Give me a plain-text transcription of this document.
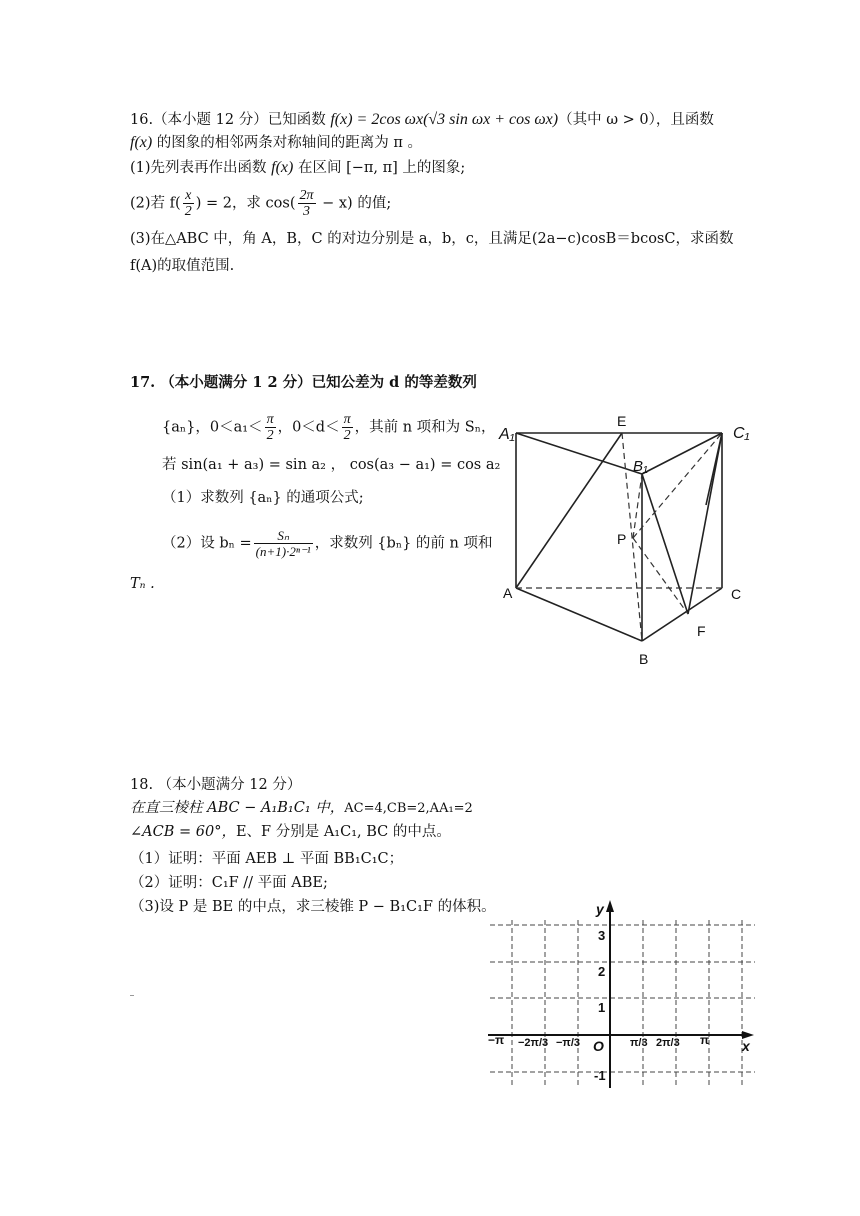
16.（本小题 12 分）已知函数 f(x) = 2cos ωx(√3 sin ωx + cos ωx)（其中 ω > 0），且函数
f(x) 的图象的相邻两条对称轴间的距离为 π 。
(1)先列表再作出函数 f(x) 在区间 [−π, π] 上的图象;
(2)若 $f( \frac{x}{2}$ ) = 2，求 $\cos( \frac{2\pi}{3} - x)$ 的值;
(3)在△ABC 中，角 A，B，C 的对边分别是 a，b，c，且满足(2a−c)cosB＝bcosC，求函数
f(A)的取值范围.
17. （本小题满分 1 2 分）已知公差为 d 的等差数列
{aₙ}，$0<a_1< \frac{\pi}{2}$ ，$0<d< \frac{\pi}{2}$ ，其前 n 项和为 Sₙ，
若 sin(a₁ + a₃) = sin a₂ ， cos(a₃ − a₁) = cos a₂
（1）求数列 {aₙ} 的通项公式;
（2）设 $b_n = \frac{\text{Sₙ}}{\text{(n+1)·2ⁿ⁻¹}}$ ，求数列 {bₙ} 的前 n 项和
Tₙ .
A₁
E
C₁
B₁
P
A	C
F
B
18. （本小题满分 12 分）
在直三棱柱 ABC − A₁B₁C₁ 中，AC=4,CB=2,AA₁=2
∠ACB = 60°，E、F 分别是 A₁C₁, BC 的中点。
（1）证明：平面 AEB ⊥ 平面 BB₁C₁C；
（2）证明：C₁F // 平面 ABE;
（3)设 P 是 BE 的中点，求三棱锥 P − B₁C₁F 的体积。	y
x
O
3
2
1
-1
−π −2π/3 −π/3	π/3 2π/3 π
